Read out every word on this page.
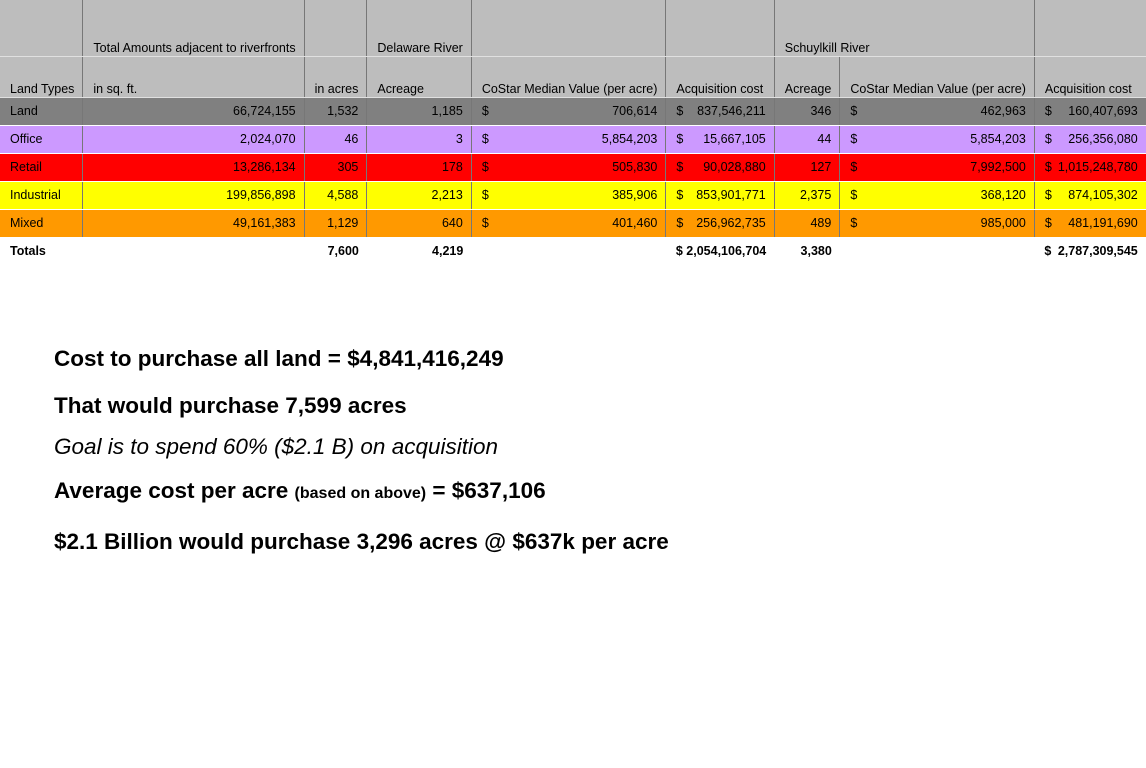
	Total Amounts adjacent to riverfronts		Delaware River			Schuylkill River		
Land Types	in sq. ft.	in acres	Acreage	CoStar Median Value (per acre)	Acquisition cost	Acreage	CoStar Median Value (per acre)	Acquisition cost
Land	66,724,155	1,532	1,185	$ 706,614	$ 837,546,211	346	$ 462,963	$ 160,407,693

Office	2,024,070	46	3	$ 5,854,203	$ 15,667,105	44	$ 5,854,203	$ 256,356,080

Retail	13,286,134	305	178	$ 505,830	$ 90,028,880	127	$ 7,992,500	$ 1,015,248,780

Industrial	199,856,898	4,588	2,213	$ 385,906	$ 853,901,771	2,375	$ 368,120	$ 874,105,302

Mixed	49,161,383	1,129	640	$ 401,460	$ 256,962,735	489	$ 985,000	$ 481,191,690

Totals		7,600	4,219		$ 2,054,106,704	3,380		$ 2,787,309,545

Cost to purchase all land = $4,841,416,249

That would purchase 7,599 acres

Goal is to spend 60% ($2.1 B) on acquisition

Average cost per acre (based on above) = $637,106

$2.1 Billion would purchase 3,296 acres @ $637k per acre
